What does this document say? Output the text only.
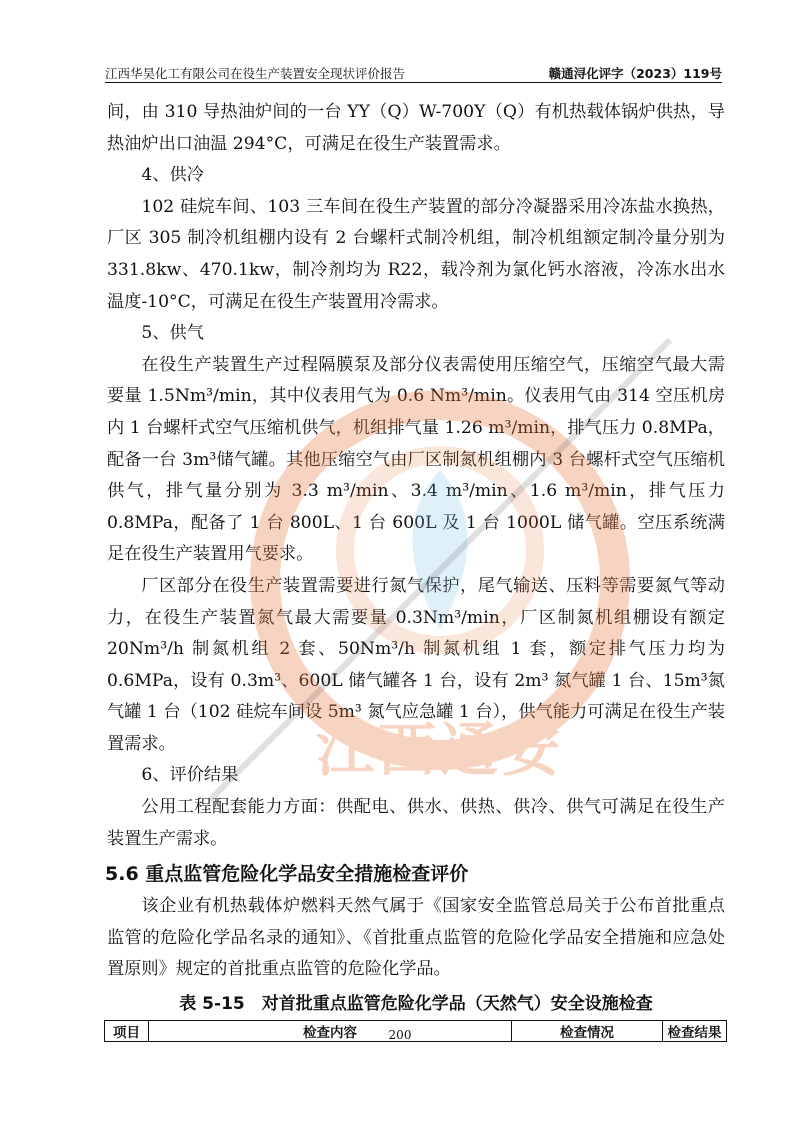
江西华昊化工有限公司在役生产装置安全现状评价报告	赣通浔化评字（2023）119号

间，由 310 导热油炉间的一台 YY（Q）W-700Y（Q）有机热载体锅炉供热，导热油炉出口油温 294°C，可满足在役生产装置需求。

4、供冷

102 硅烷车间、103 三车间在役生产装置的部分冷凝器采用冷冻盐水换热，厂区 305 制冷机组棚内设有 2 台螺杆式制冷机组，制冷机组额定制冷量分别为 331.8kw、470.1kw，制冷剂均为 R22，载冷剂为氯化钙水溶液，冷冻水出水温度-10°C，可满足在役生产装置用冷需求。

5、供气

在役生产装置生产过程隔膜泵及部分仪表需使用压缩空气，压缩空气最大需要量 1.5Nm³/min，其中仪表用气为 0.6 Nm³/min。仪表用气由 314 空压机房内 1 台螺杆式空气压缩机供气，机组排气量 1.26 m³/min，排气压力 0.8MPa，配备一台 3m³储气罐。其他压缩空气由厂区制氮机组棚内 3 台螺杆式空气压缩机供气，排气量分别为 3.3 m³/min、3.4 m³/min、1.6 m³/min，排气压力 0.8MPa，配备了 1 台 800L、1 台 600L 及 1 台 1000L 储气罐。空压系统满足在役生产装置用气要求。

厂区部分在役生产装置需要进行氮气保护，尾气输送、压料等需要氮气等动力，在役生产装置氮气最大需要量 0.3Nm³/min，厂区制氮机组棚设有额定 20Nm³/h 制氮机组 2 套、50Nm³/h 制氮机组 1 套，额定排气压力均为 0.6MPa，设有 0.3m³、600L 储气罐各 1 台，设有 2m³ 氮气罐 1 台、15m³氮气罐 1 台（102 硅烷车间设 5m³ 氮气应急罐 1 台），供气能力可满足在役生产装置需求。

6、评价结果

公用工程配套能力方面：供配电、供水、供热、供冷、供气可满足在役生产装置生产需求。

5.6 重点监管危险化学品安全措施检查评价

该企业有机热载体炉燃料天然气属于《国家安全监管总局关于公布首批重点监管的危险化学品名录的通知》、《首批重点监管的危险化学品安全措施和应急处置原则》规定的首批重点监管的危险化学品。

表 5-15　对首批重点监管危险化学品（天然气）安全设施检查
项目	检查内容	检查情况	检查结果
200
江西通安
